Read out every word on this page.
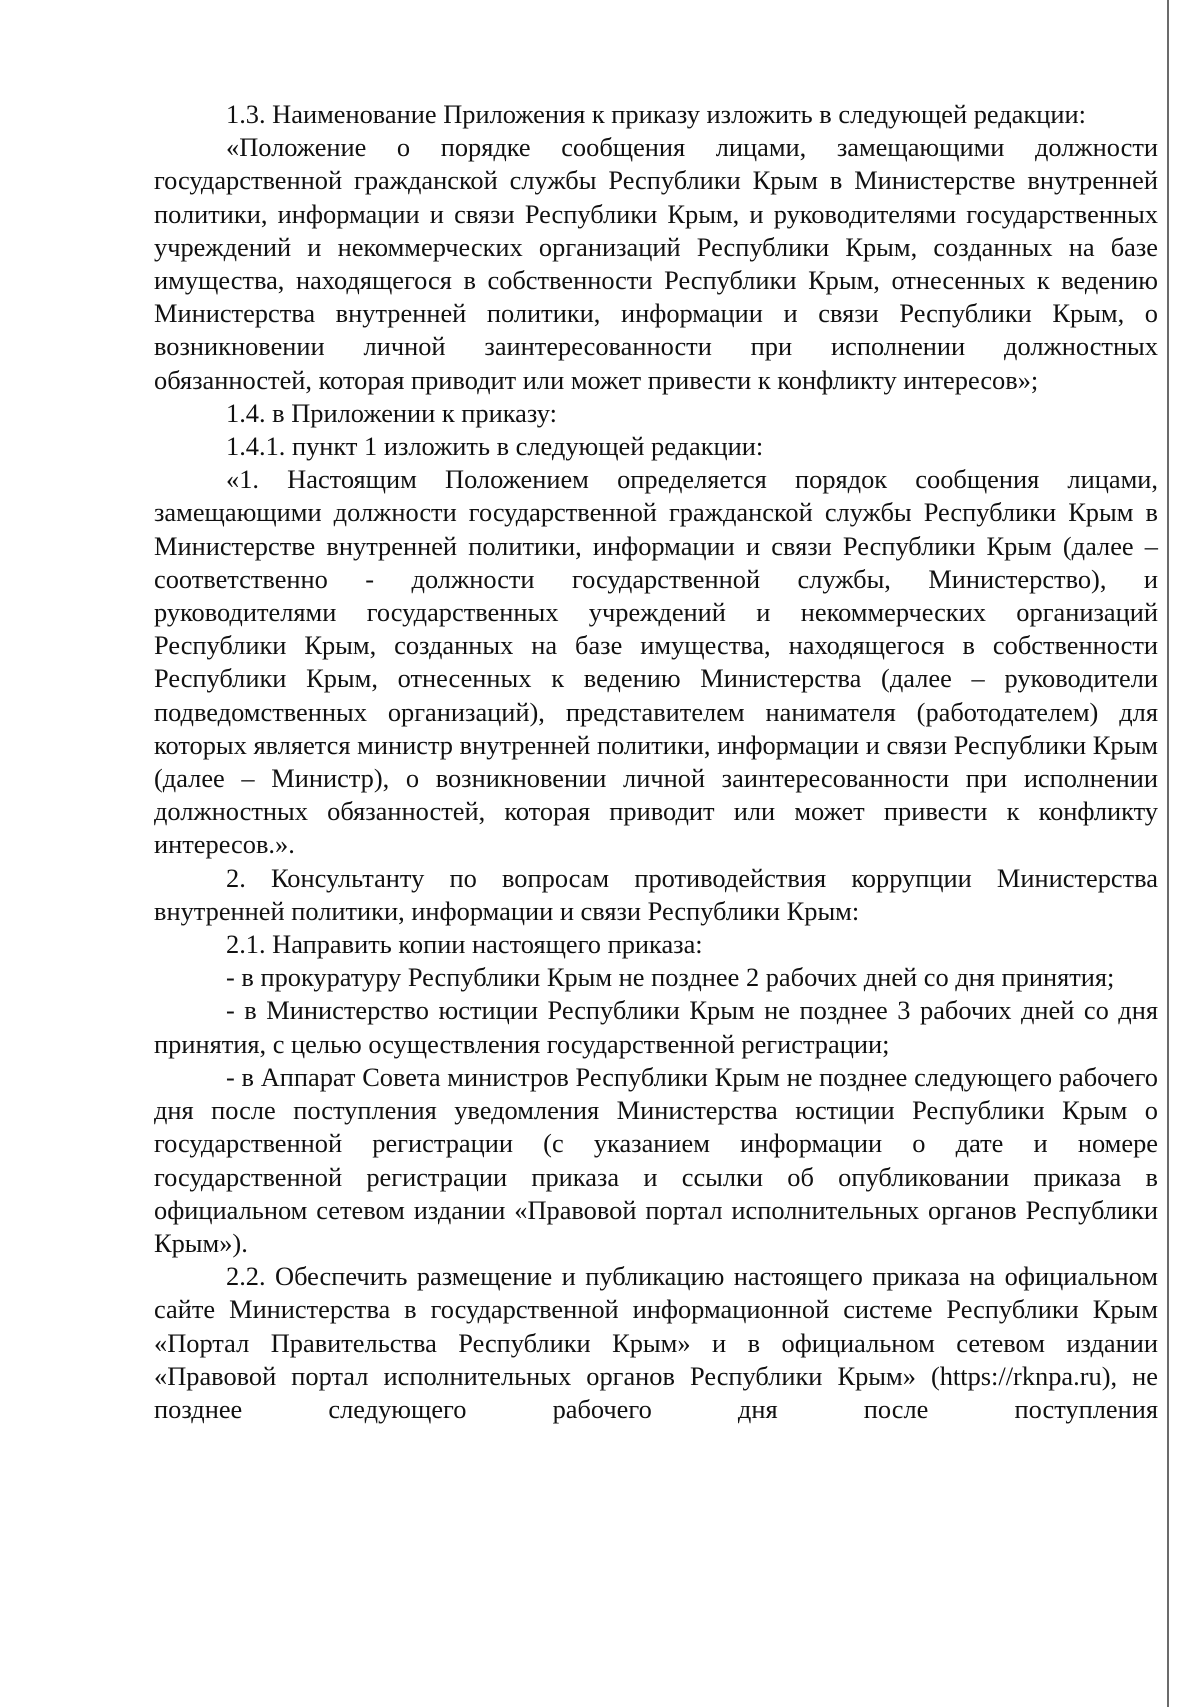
1.3. Наименование Приложения к приказу изложить в следующей редакции:

«Положение о порядке сообщения лицами, замещающими должности государственной гражданской службы Республики Крым в Министерстве внутренней политики, информации и связи Республики Крым, и руководителями государственных учреждений и некоммерческих организаций Республики Крым, созданных на базе имущества, находящегося в собственности Республики Крым, отнесенных к ведению Министерства внутренней политики, информации и связи Республики Крым, о возникновении личной заинтересованности при исполнении должностных обязанностей, которая приводит или может привести к конфликту интересов»;

1.4. в Приложении к приказу:

1.4.1. пункт 1 изложить в следующей редакции:

«1. Настоящим Положением определяется порядок сообщения лицами, замещающими должности государственной гражданской службы Республики Крым в Министерстве внутренней политики, информации и связи Республики Крым (далее – соответственно - должности государственной службы, Министерство), и руководителями государственных учреждений и некоммерческих организаций Республики Крым, созданных на базе имущества, находящегося в собственности Республики Крым, отнесенных к ведению Министерства (далее – руководители подведомственных организаций), представителем нанимателя (работодателем) для которых является министр внутренней политики, информации и связи Республики Крым (далее – Министр), о возникновении личной заинтересованности при исполнении должностных обязанностей, которая приводит или может привести к конфликту интересов.».

2. Консультанту по вопросам противодействия коррупции Министерства внутренней политики, информации и связи Республики Крым:

2.1. Направить копии настоящего приказа:

- в прокуратуру Республики Крым не позднее 2 рабочих дней со дня принятия;

- в Министерство юстиции Республики Крым не позднее 3 рабочих дней со дня принятия, с целью осуществления государственной регистрации;

- в Аппарат Совета министров Республики Крым не позднее следующего рабочего дня после поступления уведомления Министерства юстиции Республики Крым о государственной регистрации (с указанием информации о дате и номере государственной регистрации приказа и ссылки об опубликовании приказа в официальном сетевом издании «Правовой портал исполнительных органов Республики Крым»).

2.2. Обеспечить размещение и публикацию настоящего приказа на официальном сайте Министерства в государственной информационной системе Республики Крым «Портал Правительства Республики Крым» и в официальном сетевом издании «Правовой портал исполнительных органов Республики Крым» (https://rknpa.ru), не позднее следующего рабочего дня после поступления
